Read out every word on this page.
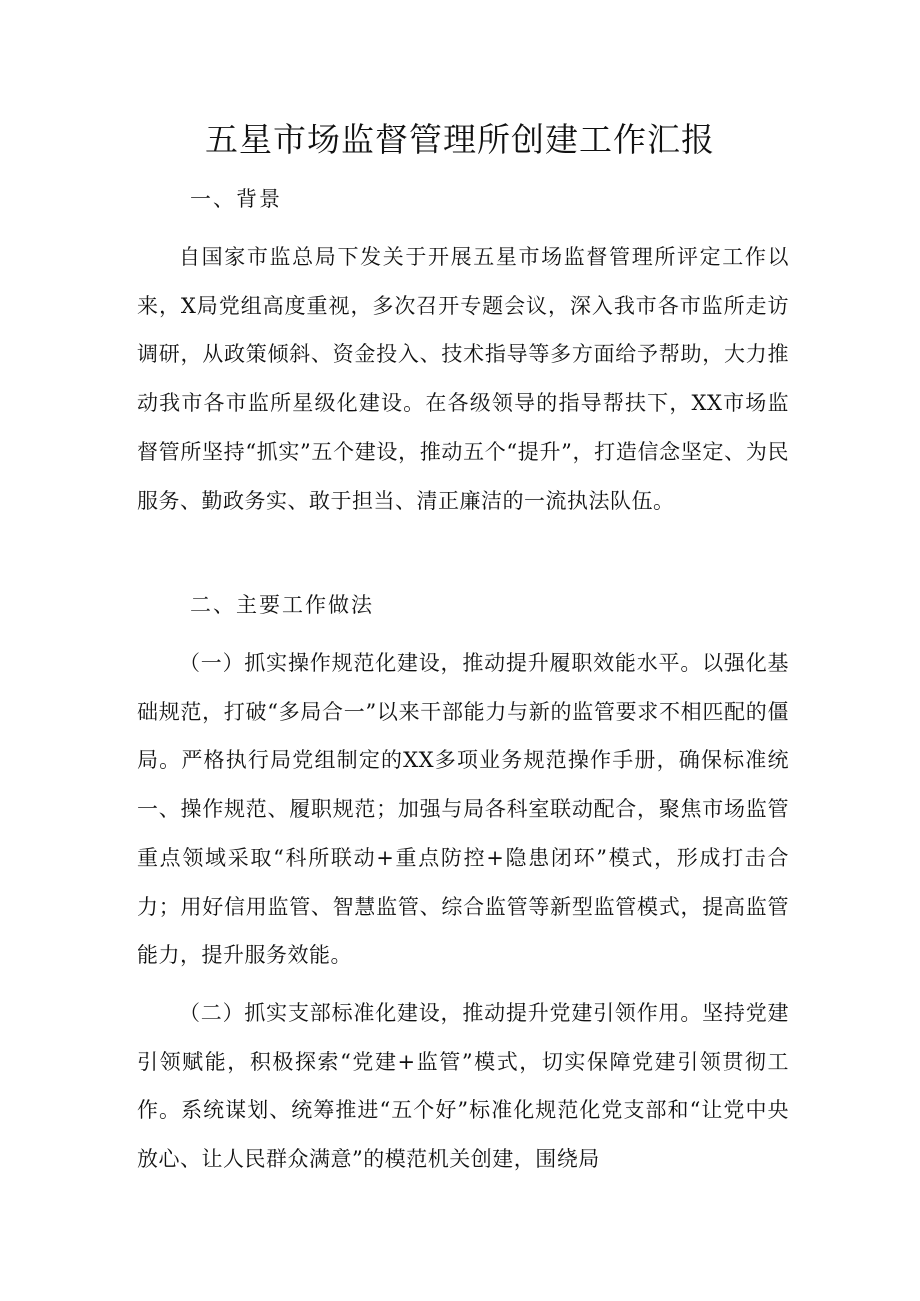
五星市场监督管理所创建工作汇报
一、背景

自国家市监总局下发关于开展五星市场监督管理所评定工作以来，X局党组高度重视，多次召开专题会议，深入我市各市监所走访调研，从政策倾斜、资金投入、技术指导等多方面给予帮助，大力推动我市各市监所星级化建设。在各级领导的指导帮扶下，XX市场监督管所坚持“抓实”五个建设，推动五个“提升”，打造信念坚定、为民服务、勤政务实、敢于担当、清正廉洁的一流执法队伍。

二、主要工作做法

（一）抓实操作规范化建设，推动提升履职效能水平。以强化基础规范，打破“多局合一”以来干部能力与新的监管要求不相匹配的僵局。严格执行局党组制定的XX多项业务规范操作手册，确保标准统一、操作规范、履职规范；加强与局各科室联动配合，聚焦市场监管重点领域采取“科所联动+重点防控+隐患闭环”模式，形成打击合力；用好信用监管、智慧监管、综合监管等新型监管模式，提高监管能力，提升服务效能。

（二）抓实支部标准化建设，推动提升党建引领作用。坚持党建引领赋能，积极探索“党建+监管”模式，切实保障党建引领贯彻工作。系统谋划、统筹推进“五个好”标准化规范化党支部和“让党中央放心、让人民群众满意”的模范机关创建，围绕局
